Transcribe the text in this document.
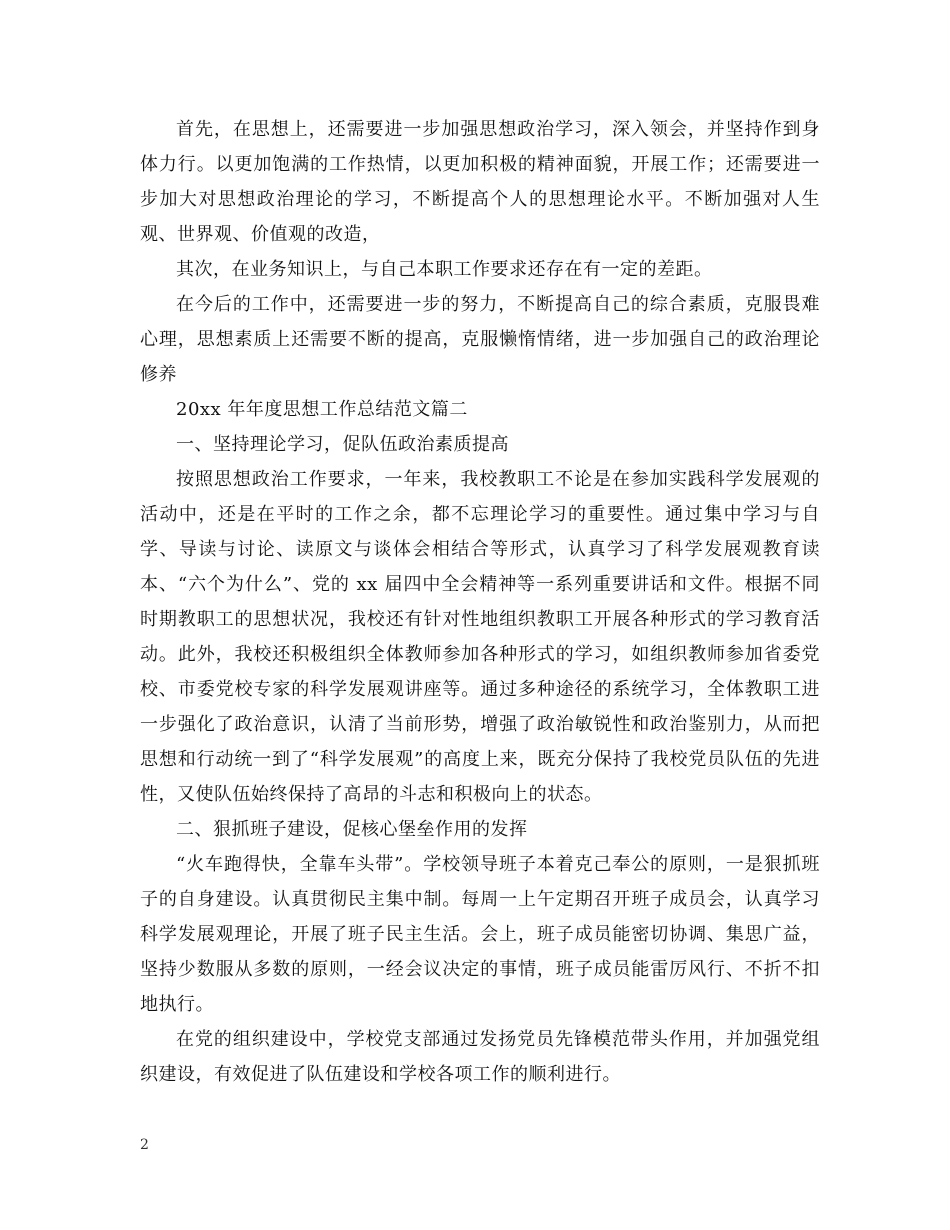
首先，在思想上，还需要进一步加强思想政治学习，深入领会，并坚持作到身体力行。以更加饱满的工作热情，以更加积极的精神面貌，开展工作；还需要进一步加大对思想政治理论的学习，不断提高个人的思想理论水平。不断加强对人生观、世界观、价值观的改造，

其次，在业务知识上，与自己本职工作要求还存在有一定的差距。

在今后的工作中，还需要进一步的努力，不断提高自己的综合素质，克服畏难心理，思想素质上还需要不断的提高，克服懒惰情绪，进一步加强自己的政治理论修养

20xx 年年度思想工作总结范文篇二

一、坚持理论学习，促队伍政治素质提高

按照思想政治工作要求，一年来，我校教职工不论是在参加实践科学发展观的活动中，还是在平时的工作之余，都不忘理论学习的重要性。通过集中学习与自学、导读与讨论、读原文与谈体会相结合等形式，认真学习了科学发展观教育读本、“六个为什么”、党的 xx 届四中全会精神等一系列重要讲话和文件。根据不同时期教职工的思想状况，我校还有针对性地组织教职工开展各种形式的学习教育活动。此外，我校还积极组织全体教师参加各种形式的学习，如组织教师参加省委党校、市委党校专家的科学发展观讲座等。通过多种途径的系统学习，全体教职工进一步强化了政治意识，认清了当前形势，增强了政治敏锐性和政治鉴别力，从而把思想和行动统一到了“科学发展观”的高度上来，既充分保持了我校党员队伍的先进性，又使队伍始终保持了高昂的斗志和积极向上的状态。

二、狠抓班子建设，促核心堡垒作用的发挥

“火车跑得快，全靠车头带”。学校领导班子本着克己奉公的原则，一是狠抓班子的自身建设。认真贯彻民主集中制。每周一上午定期召开班子成员会，认真学习科学发展观理论，开展了班子民主生活。会上，班子成员能密切协调、集思广益，坚持少数服从多数的原则，一经会议决定的事情，班子成员能雷厉风行、不折不扣地执行。

在党的组织建设中，学校党支部通过发扬党员先锋模范带头作用，并加强党组织建设，有效促进了队伍建设和学校各项工作的顺利进行。

2
